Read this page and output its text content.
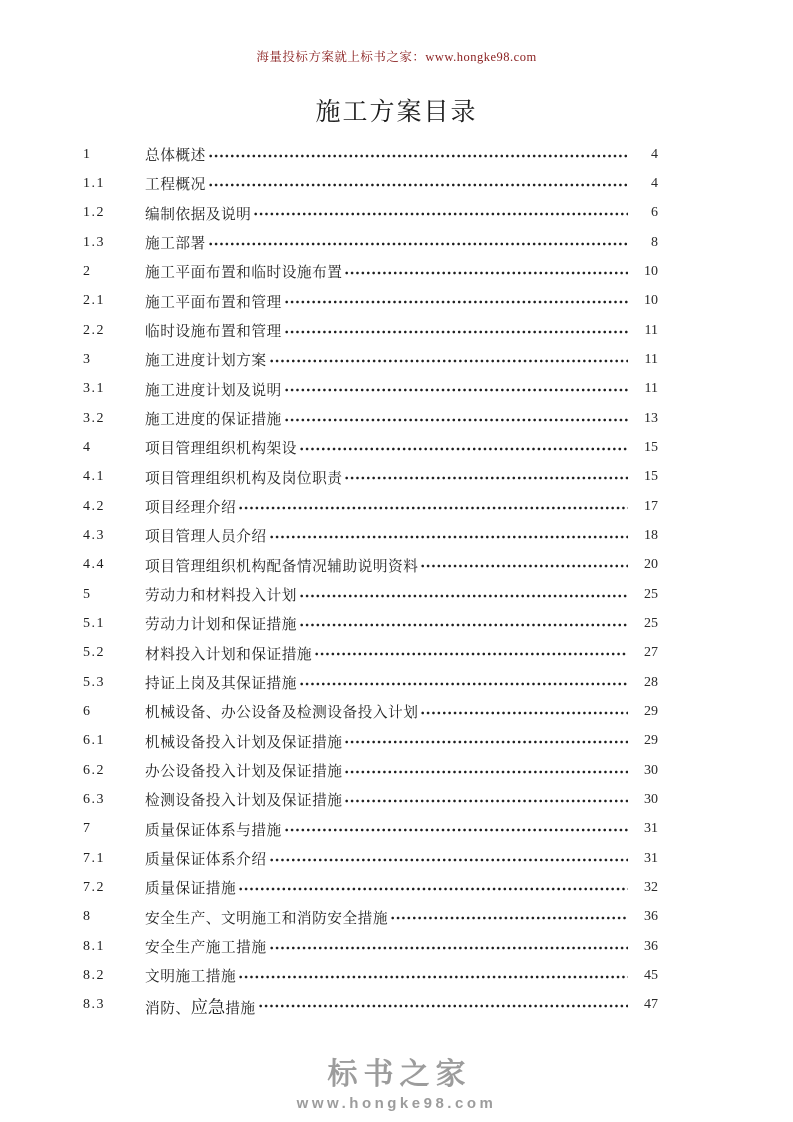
海量投标方案就上标书之家：www.hongke98.com
施工方案目录
1	总体概述	4
1.1	工程概况	4
1.2	编制依据及说明	6
1.3	施工部署	8
2	施工平面布置和临时设施布置	10
2.1	施工平面布置和管理	10
2.2	临时设施布置和管理	11
3	施工进度计划方案	11
3.1	施工进度计划及说明	11
3.2	施工进度的保证措施	13
4	项目管理组织机构架设	15
4.1	项目管理组织机构及岗位职责	15
4.2	项目经理介绍	17
4.3	项目管理人员介绍	18
4.4	项目管理组织机构配备情况辅助说明资料	20
5	劳动力和材料投入计划	25
5.1	劳动力计划和保证措施	25
5.2	材料投入计划和保证措施	27
5.3	持证上岗及其保证措施	28
6	机械设备、办公设备及检测设备投入计划	29
6.1	机械设备投入计划及保证措施	29
6.2	办公设备投入计划及保证措施	30
6.3	检测设备投入计划及保证措施	30
7	质量保证体系与措施	31
7.1	质量保证体系介绍	31
7.2	质量保证措施	32
8	安全生产、文明施工和消防安全措施	36
8.1	安全生产施工措施	36
8.2	文明施工措施	45
8.3	消防、应急措施	47
标书之家
www.hongke98.com
